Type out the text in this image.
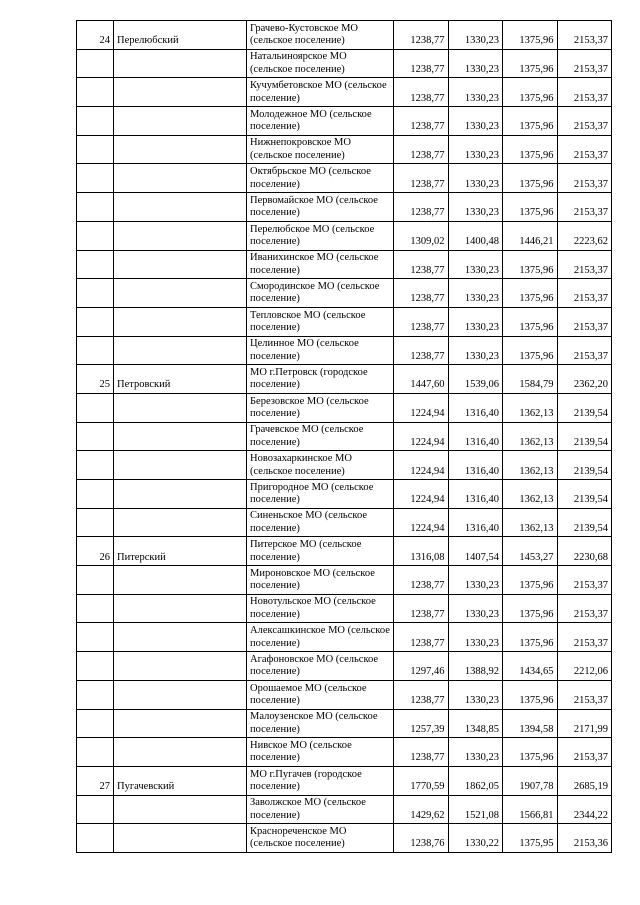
24	Перелюбский	Грачево-Кустовское МО (сельское поселение)	1238,77	1330,23	1375,96	2153,37
		Натальиноярское МО (сельское поселение)	1238,77	1330,23	1375,96	2153,37
		Кучумбетовское МО (сельское поселение)	1238,77	1330,23	1375,96	2153,37
		Молодежное МО (сельское поселение)	1238,77	1330,23	1375,96	2153,37
		Нижнепокровское МО (сельское поселение)	1238,77	1330,23	1375,96	2153,37
		Октябрьское МО (сельское поселение)	1238,77	1330,23	1375,96	2153,37
		Первомайское МО (сельское поселение)	1238,77	1330,23	1375,96	2153,37
		Перелюбское МО (сельское поселение)	1309,02	1400,48	1446,21	2223,62
		Иванихинское МО (сельское поселение)	1238,77	1330,23	1375,96	2153,37
		Смородинское МО (сельское поселение)	1238,77	1330,23	1375,96	2153,37
		Тепловское МО (сельское поселение)	1238,77	1330,23	1375,96	2153,37
		Целинное МО (сельское поселение)	1238,77	1330,23	1375,96	2153,37
25	Петровский	МО г.Петровск (городское поселение)	1447,60	1539,06	1584,79	2362,20
		Березовское МО (сельское поселение)	1224,94	1316,40	1362,13	2139,54
		Грачевское МО (сельское поселение)	1224,94	1316,40	1362,13	2139,54
		Новозахаркинское МО (сельское поселение)	1224,94	1316,40	1362,13	2139,54
		Пригородное МО (сельское поселение)	1224,94	1316,40	1362,13	2139,54
		Синеньское МО (сельское поселение)	1224,94	1316,40	1362,13	2139,54
26	Питерский	Питерское МО (сельское поселение)	1316,08	1407,54	1453,27	2230,68
		Мироновское МО (сельское поселение)	1238,77	1330,23	1375,96	2153,37
		Новотульское МО (сельское поселение)	1238,77	1330,23	1375,96	2153,37
		Алексашкинское МО (сельское поселение)	1238,77	1330,23	1375,96	2153,37
		Агафоновское МО (сельское поселение)	1297,46	1388,92	1434,65	2212,06
		Орошаемое МО (сельское поселение)	1238,77	1330,23	1375,96	2153,37
		Малоузенское МО (сельское поселение)	1257,39	1348,85	1394,58	2171,99
		Нивское МО (сельское поселение)	1238,77	1330,23	1375,96	2153,37
27	Пугачевский	МО г.Пугачев (городское поселение)	1770,59	1862,05	1907,78	2685,19
		Заволжское МО (сельское поселение)	1429,62	1521,08	1566,81	2344,22
		Краснореченское МО (сельское поселение)	1238,76	1330,22	1375,95	2153,36
